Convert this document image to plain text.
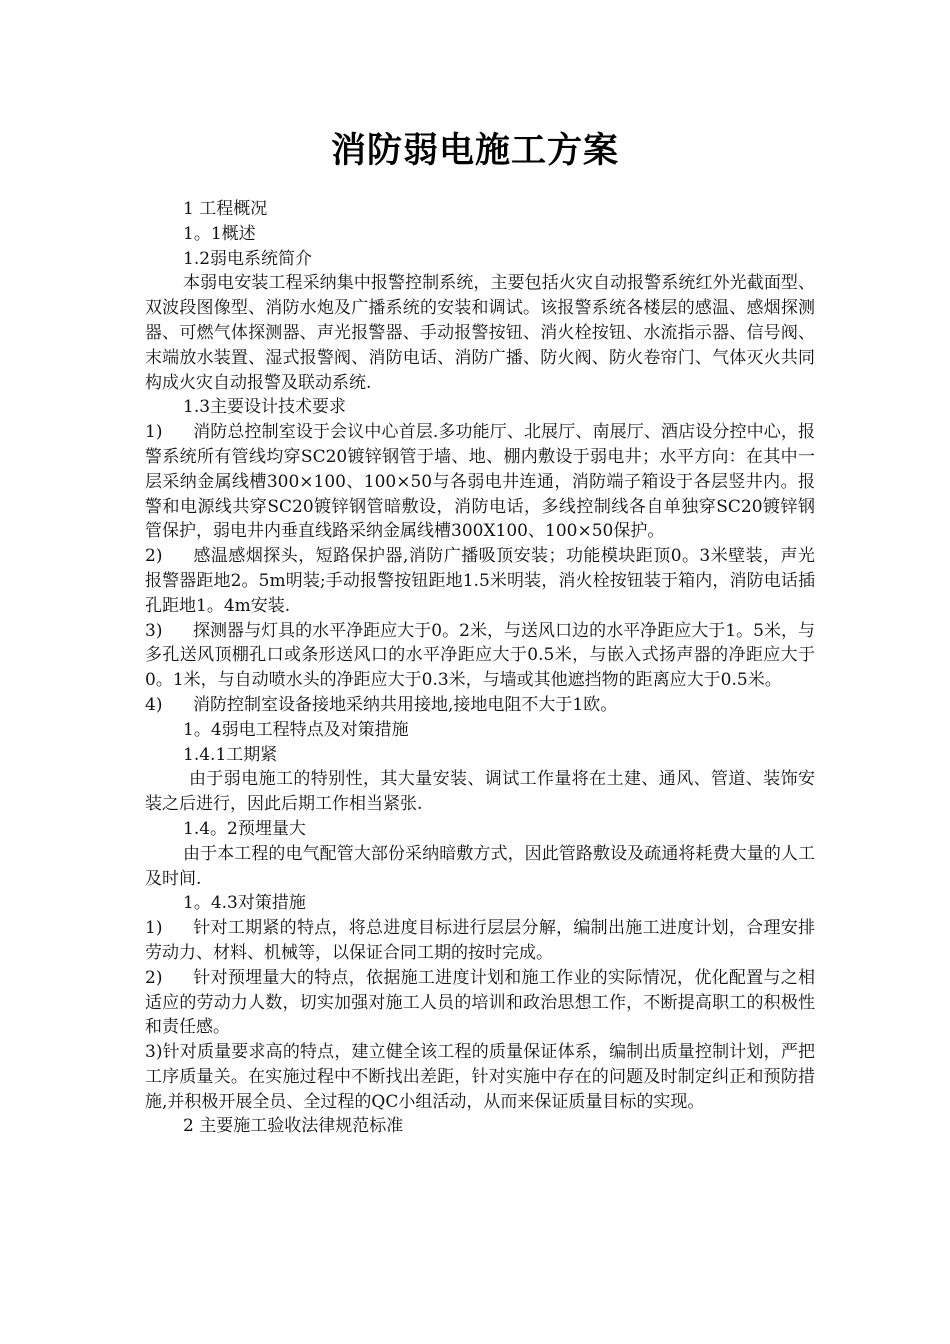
消防弱电施工方案

1 工程概况

1。1概述

1.2弱电系统简介

本弱电安装工程采纳集中报警控制系统，主要包括火灾自动报警系统红外光截面型、双波段图像型、消防水炮及广播系统的安装和调试。该报警系统各楼层的感温、感烟探测器、可燃气体探测器、声光报警器、手动报警按钮、消火栓按钮、水流指示器、信号阀、末端放水装置、湿式报警阀、消防电话、消防广播、防火阀、防火卷帘门、气体灭火共同构成火灾自动报警及联动系统.

1.3主要设计技术要求

1) 消防总控制室设于会议中心首层.多功能厅、北展厅、南展厅、酒店设分控中心，报警系统所有管线均穿SC20镀锌钢管于墙、地、棚内敷设于弱电井；水平方向：在其中一层采纳金属线槽300×100、100×50与各弱电井连通，消防端子箱设于各层竖井内。报警和电源线共穿SC20镀锌钢管暗敷设，消防电话，多线控制线各自单独穿SC20镀锌钢管保护，弱电井内垂直线路采纳金属线槽300X100、100×50保护。

2) 感温感烟探头，短路保护器,消防广播吸顶安装；功能模块距顶0。3米壁装，声光报警器距地2。5m明装;手动报警按钮距地1.5米明装，消火栓按钮装于箱内，消防电话插孔距地1。4m安装.

3) 探测器与灯具的水平净距应大于0。2米，与送风口边的水平净距应大于1。5米，与多孔送风顶棚孔口或条形送风口的水平净距应大于0.5米，与嵌入式扬声器的净距应大于0。1米，与自动喷水头的净距应大于0.3米，与墙或其他遮挡物的距离应大于0.5米。

4) 消防控制室设备接地采纳共用接地,接地电阻不大于1欧。

1。4弱电工程特点及对策措施

1.4.1工期紧

由于弱电施工的特别性，其大量安装、调试工作量将在土建、通风、管道、装饰安装之后进行，因此后期工作相当紧张.

1.4。2预埋量大

由于本工程的电气配管大部份采纳暗敷方式，因此管路敷设及疏通将耗费大量的人工及时间.

1。4.3对策措施

1) 针对工期紧的特点，将总进度目标进行层层分解，编制出施工进度计划，合理安排劳动力、材料、机械等，以保证合同工期的按时完成。

2) 针对预埋量大的特点，依据施工进度计划和施工作业的实际情况，优化配置与之相适应的劳动力人数，切实加强对施工人员的培训和政治思想工作，不断提高职工的积极性和责任感。

3)针对质量要求高的特点，建立健全该工程的质量保证体系，编制出质量控制计划，严把工序质量关。在实施过程中不断找出差距，针对实施中存在的问题及时制定纠正和预防措施,并积极开展全员、全过程的QC小组活动，从而来保证质量目标的实现。

2 主要施工验收法律规范标准
